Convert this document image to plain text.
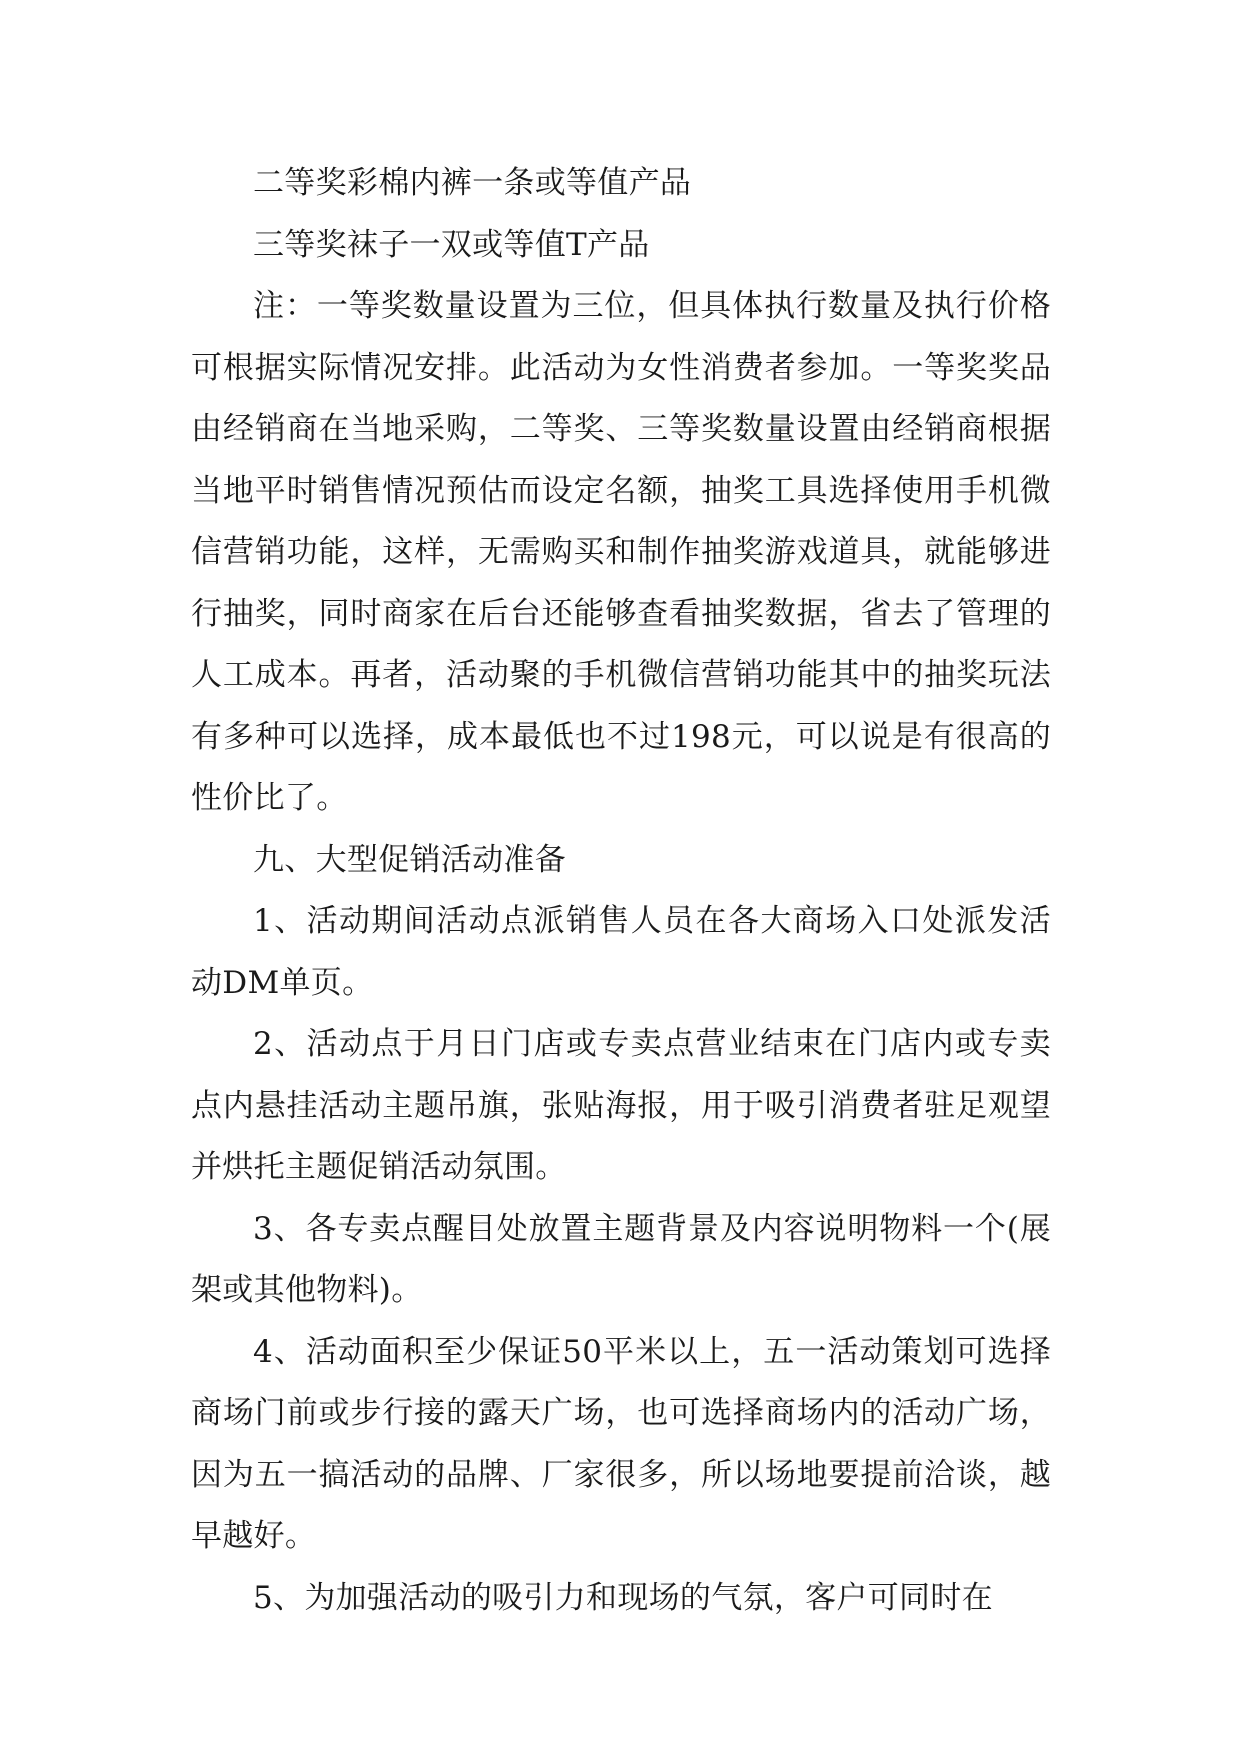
二等奖彩棉内裤一条或等值产品

三等奖袜子一双或等值T产品

注：一等奖数量设置为三位，但具体执行数量及执行价格可根据实际情况安排。此活动为女性消费者参加。一等奖奖品由经销商在当地采购，二等奖、三等奖数量设置由经销商根据当地平时销售情况预估而设定名额，抽奖工具选择使用手机微信营销功能，这样，无需购买和制作抽奖游戏道具，就能够进行抽奖，同时商家在后台还能够查看抽奖数据，省去了管理的人工成本。再者，活动聚的手机微信营销功能其中的抽奖玩法有多种可以选择，成本最低也不过198元，可以说是有很高的性价比了。

九、大型促销活动准备

1、活动期间活动点派销售人员在各大商场入口处派发活动DM单页。

2、活动点于月日门店或专卖点营业结束在门店内或专卖点内悬挂活动主题吊旗，张贴海报，用于吸引消费者驻足观望并烘托主题促销活动氛围。

3、各专卖点醒目处放置主题背景及内容说明物料一个(展架或其他物料)。

4、活动面积至少保证50平米以上，五一活动策划可选择商场门前或步行接的露天广场，也可选择商场内的活动广场，因为五一搞活动的品牌、厂家很多，所以场地要提前洽谈，越早越好。

5、为加强活动的吸引力和现场的气氛，客户可同时在
